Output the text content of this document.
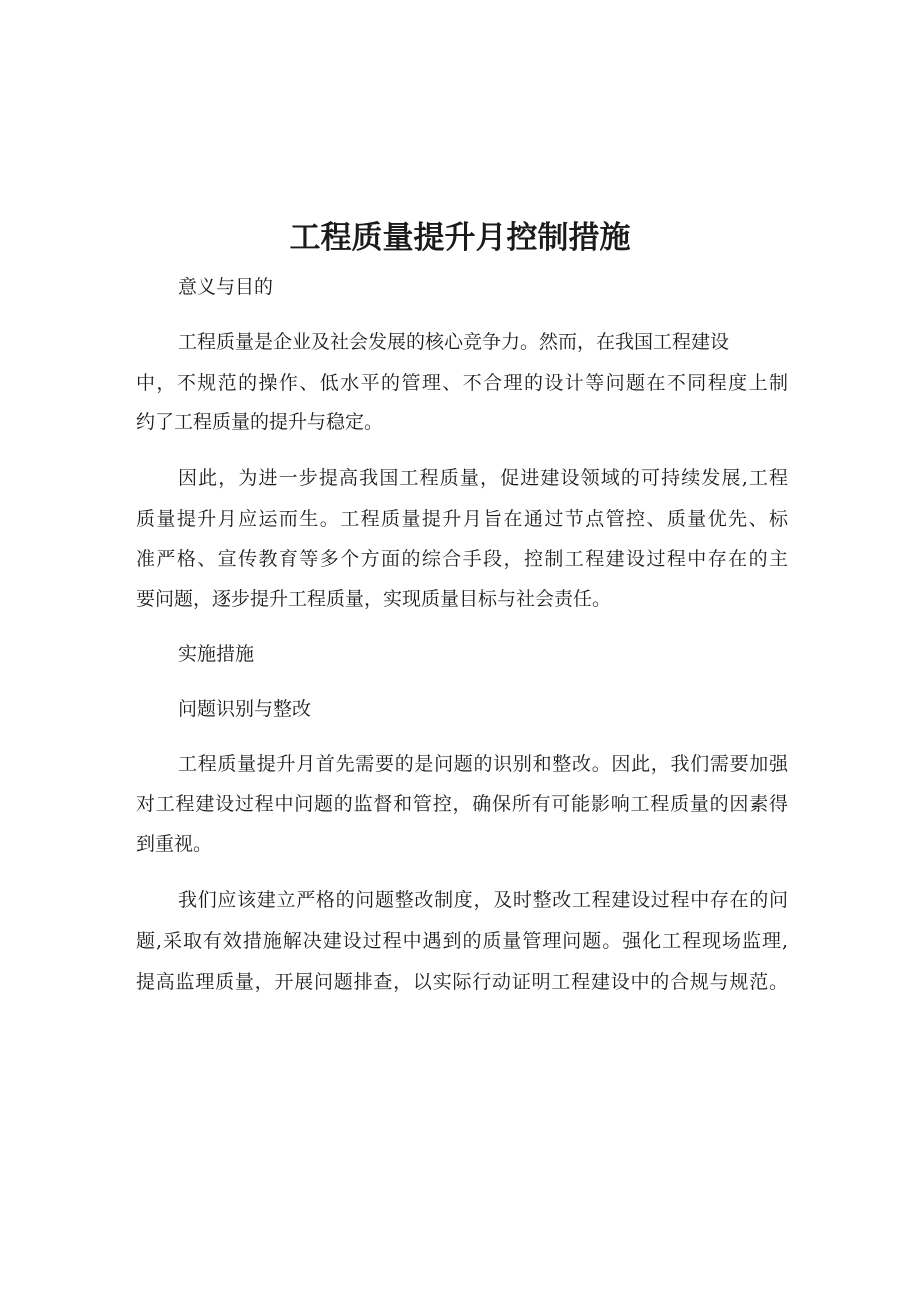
工程质量提升月控制措施

意义与目的

工程质量是企业及社会发展的核心竞争力。然而，在我国工程建设

中，不规范的操作、低水平的管理、不合理的设计等问题在不同程度上制

约了工程质量的提升与稳定。

因此，为进一步提高我国工程质量，促进建设领域的可持续发展,工程

质量提升月应运而生。工程质量提升月旨在通过节点管控、质量优先、标

准严格、宣传教育等多个方面的综合手段，控制工程建设过程中存在的主

要问题，逐步提升工程质量，实现质量目标与社会责任。

实施措施

问题识别与整改

工程质量提升月首先需要的是问题的识别和整改。因此，我们需要加强

对工程建设过程中问题的监督和管控，确保所有可能影响工程质量的因素得

到重视。

我们应该建立严格的问题整改制度，及时整改工程建设过程中存在的问

题,采取有效措施解决建设过程中遇到的质量管理问题。强化工程现场监理,

提高监理质量，开展问题排查，以实际行动证明工程建设中的合规与规范。
